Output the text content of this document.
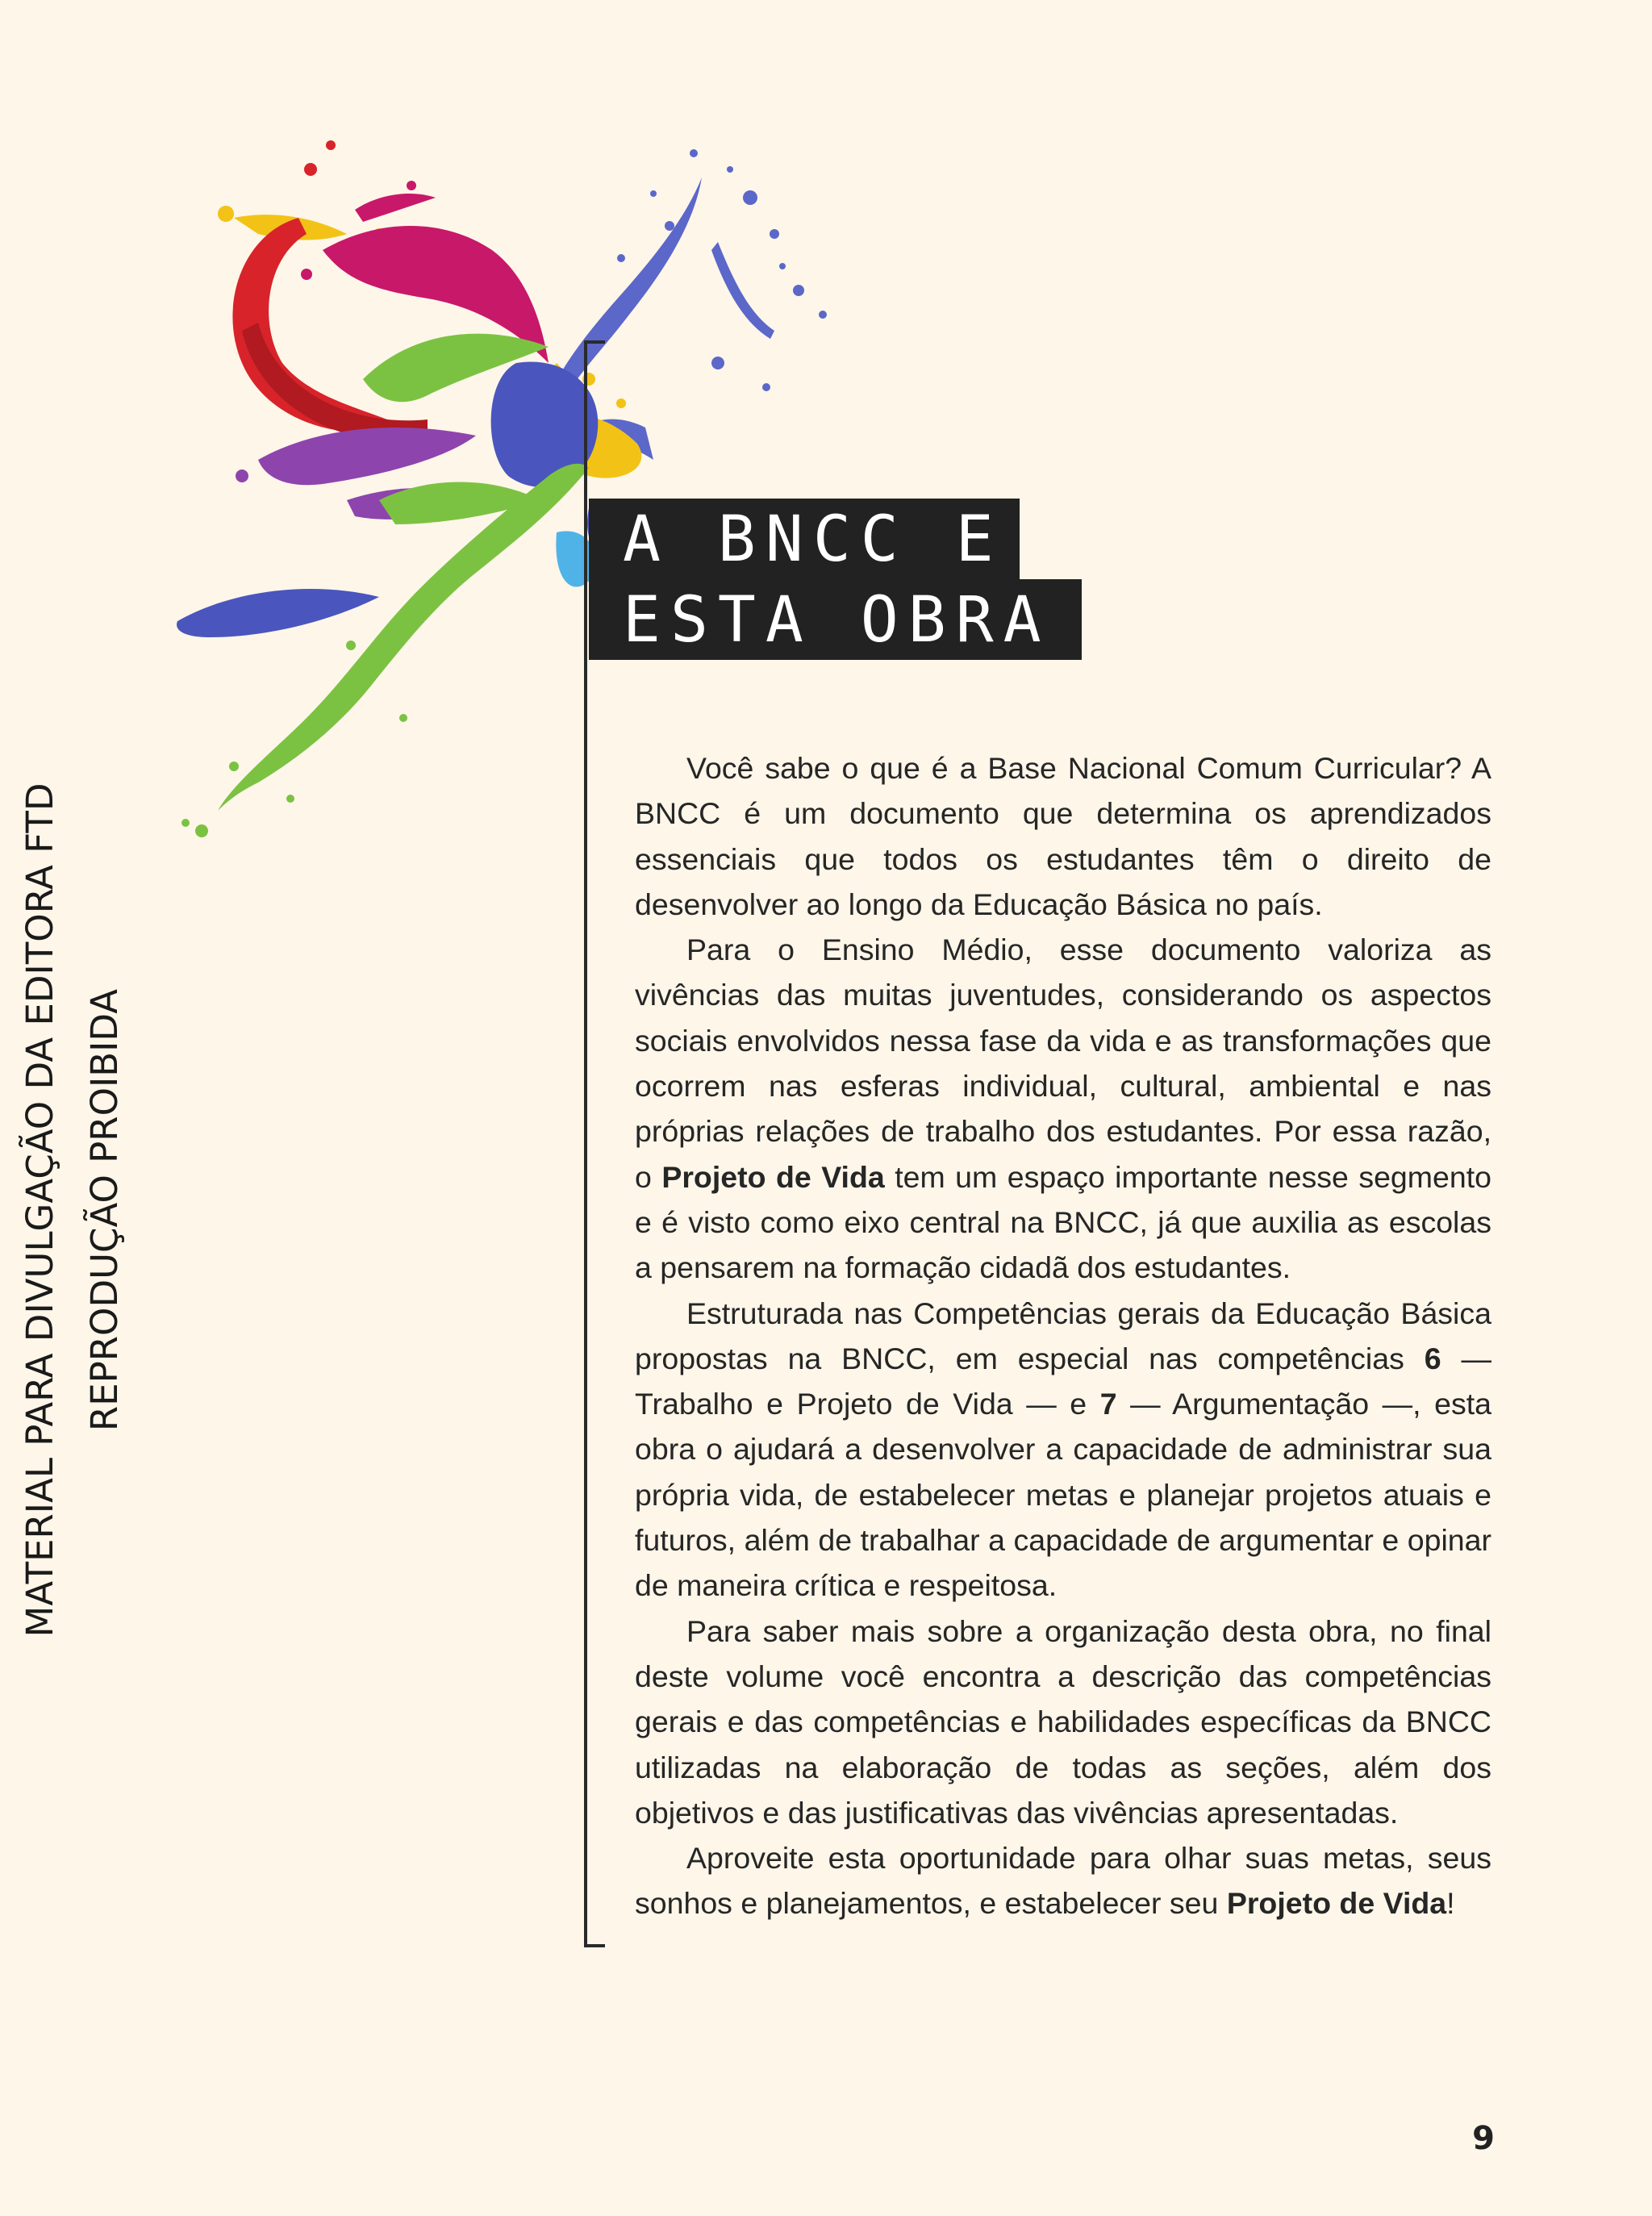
MATERIAL PARA DIVULGAÇÃO DA EDITORA FTD REPRODUÇÃO PROIBIDA
A BNCC E
ESTA OBRA

Você sabe o que é a Base Nacional Comum Curricular? A BNCC é um documento que determina os aprendizados essenciais que todos os estudantes têm o direito de desenvolver ao longo da Educação Básica no país.

Para o Ensino Médio, esse documento valoriza as vivências das muitas juventudes, considerando os aspectos sociais envolvidos nessa fase da vida e as transformações que ocorrem nas esferas individual, cultural, ambiental e nas próprias relações de trabalho dos estudantes. Por essa razão, o Projeto de Vida tem um espaço importante nesse segmento e é visto como eixo central na BNCC, já que auxilia as escolas a pensarem na formação cidadã dos estudantes.

Estruturada nas Competências gerais da Educação Básica propostas na BNCC, em especial nas competências 6 — Trabalho e Projeto de Vida — e 7 — Argumentação —, esta obra o ajudará a desenvolver a capacidade de administrar sua própria vida, de estabelecer metas e planejar projetos atuais e futuros, além de trabalhar a capacidade de argumentar e opinar de maneira crítica e respeitosa.

Para saber mais sobre a organização desta obra, no final deste volume você encontra a descrição das competências gerais e das competências e habilidades específicas da BNCC utilizadas na elaboração de todas as seções, além dos objetivos e das justificativas das vivências apresentadas.

Aproveite esta oportunidade para olhar suas metas, seus sonhos e planejamentos, e estabelecer seu Projeto de Vida!

9
